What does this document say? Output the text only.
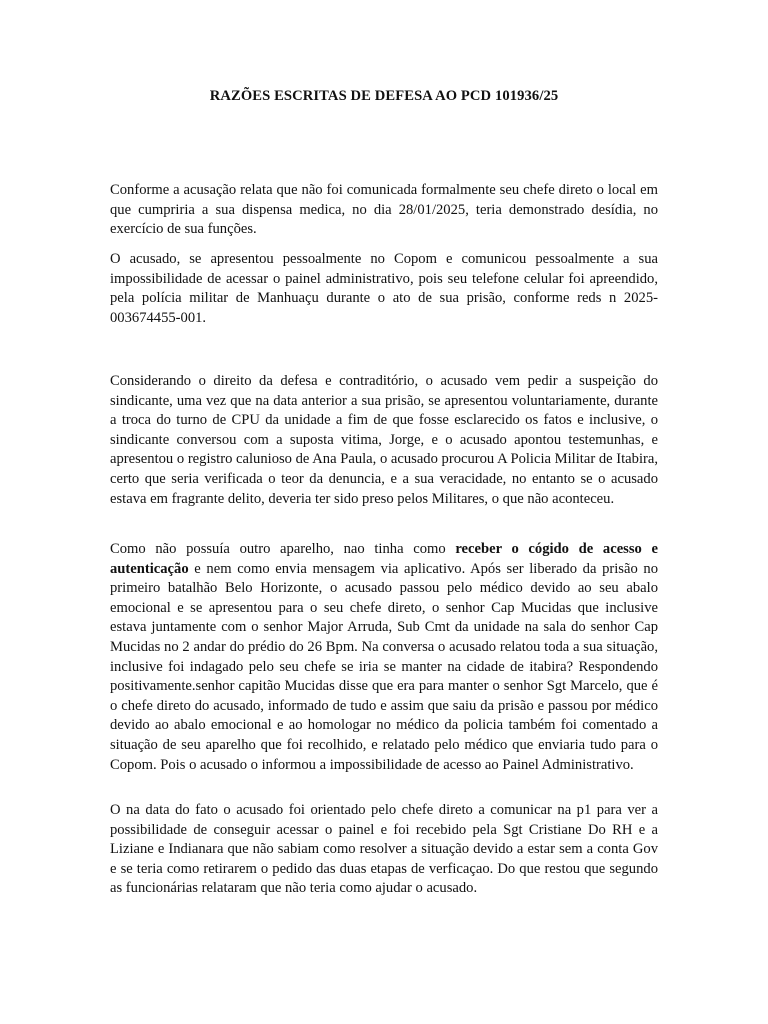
RAZÕES ESCRITAS DE DEFESA AO PCD 101936/25

Conforme a acusação relata que não foi comunicada formalmente seu chefe direto o local em que cumpriria a sua dispensa medica, no dia 28/01/2025, teria demonstrado desídia, no exercício de sua funções.

O acusado, se apresentou pessoalmente no Copom e comunicou pessoalmente a sua impossibilidade de acessar o painel administrativo, pois seu telefone celular foi apreendido, pela polícia militar de Manhuaçu durante o ato de sua prisão, conforme reds n 2025-003674455-001.

Considerando o direito da defesa e contraditório, o acusado vem pedir a suspeição do sindicante, uma vez que na data anterior a sua prisão, se apresentou voluntariamente, durante a troca do turno de CPU da unidade a fim de que fosse esclarecido os fatos e inclusive, o sindicante conversou com a suposta vitima, Jorge, e o acusado apontou testemunhas, e apresentou o registro calunioso de Ana Paula, o acusado procurou A Policia Militar de Itabira, certo que seria verificada o teor da denuncia, e a sua veracidade, no entanto se o acusado estava em fragrante delito, deveria ter sido preso pelos Militares, o que não aconteceu.

Como não possuía outro aparelho, nao tinha como receber o cógido de acesso e autenticação e nem como envia mensagem via aplicativo. Após ser liberado da prisão no primeiro batalhão Belo Horizonte, o acusado passou pelo médico devido ao seu abalo emocional e se apresentou para o seu chefe direto, o senhor Cap Mucidas que inclusive estava juntamente com o senhor Major Arruda, Sub Cmt da unidade na sala do senhor Cap Mucidas no 2 andar do prédio do 26 Bpm. Na conversa o acusado relatou toda a sua situação, inclusive foi indagado pelo seu chefe se iria se manter na cidade de itabira? Respondendo positivamente.senhor capitão Mucidas disse que era para manter o senhor Sgt Marcelo, que é o chefe direto do acusado, informado de tudo e assim que saiu da prisão e passou por médico devido ao abalo emocional e ao homologar no médico da policia também foi comentado a situação de seu aparelho que foi recolhido, e relatado pelo médico que enviaria tudo para o Copom. Pois o acusado o informou a impossibilidade de acesso ao Painel Administrativo.

O na data do fato o acusado foi orientado pelo chefe direto a comunicar na p1 para ver a possibilidade de conseguir acessar o painel e foi recebido pela Sgt Cristiane Do RH e a Liziane e Indianara que não sabiam como resolver a situação devido a estar sem a conta Gov e se teria como retirarem o pedido das duas etapas de verficaçao. Do que restou que segundo as funcionárias relataram que não teria como ajudar o acusado.
